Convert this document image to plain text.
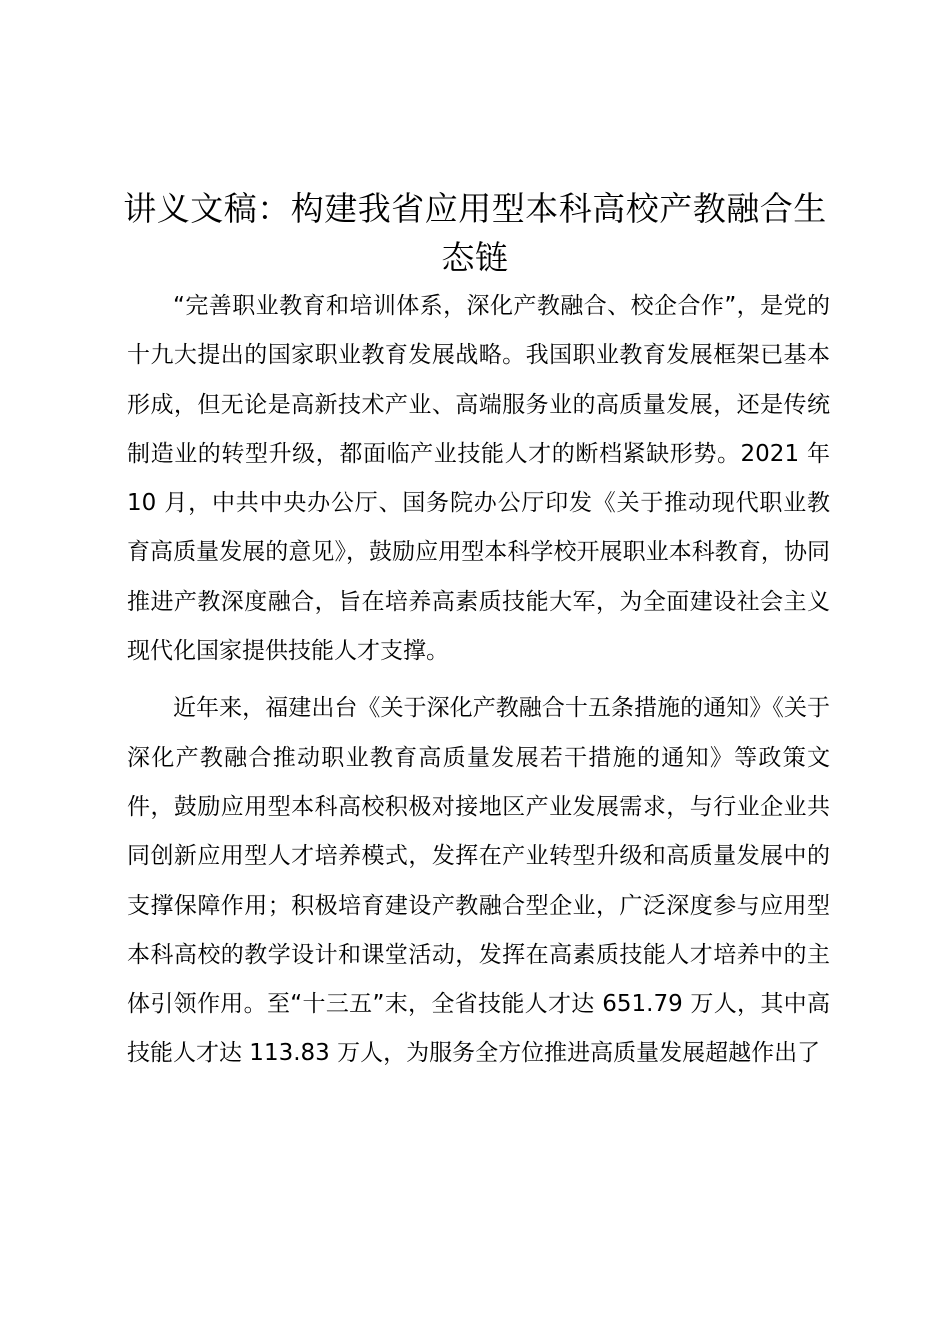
讲义文稿：构建我省应用型本科高校产教融合生态链

“完善职业教育和培训体系，深化产教融合、校企合作”，是党的十九大提出的国家职业教育发展战略。我国职业教育发展框架已基本形成，但无论是高新技术产业、高端服务业的高质量发展，还是传统制造业的转型升级，都面临产业技能人才的断档紧缺形势。2021 年 10 月，中共中央办公厅、国务院办公厅印发《关于推动现代职业教育高质量发展的意见》，鼓励应用型本科学校开展职业本科教育，协同推进产教深度融合，旨在培养高素质技能大军，为全面建设社会主义现代化国家提供技能人才支撑。

近年来，福建出台《关于深化产教融合十五条措施的通知》《关于深化产教融合推动职业教育高质量发展若干措施的通知》等政策文件，鼓励应用型本科高校积极对接地区产业发展需求，与行业企业共同创新应用型人才培养模式，发挥在产业转型升级和高质量发展中的支撑保障作用；积极培育建设产教融合型企业，广泛深度参与应用型本科高校的教学设计和课堂活动，发挥在高素质技能人才培养中的主体引领作用。至“十三五”末，全省技能人才达 651.79 万人，其中高技能人才达 113.83 万人，为服务全方位推进高质量发展超越作出了
